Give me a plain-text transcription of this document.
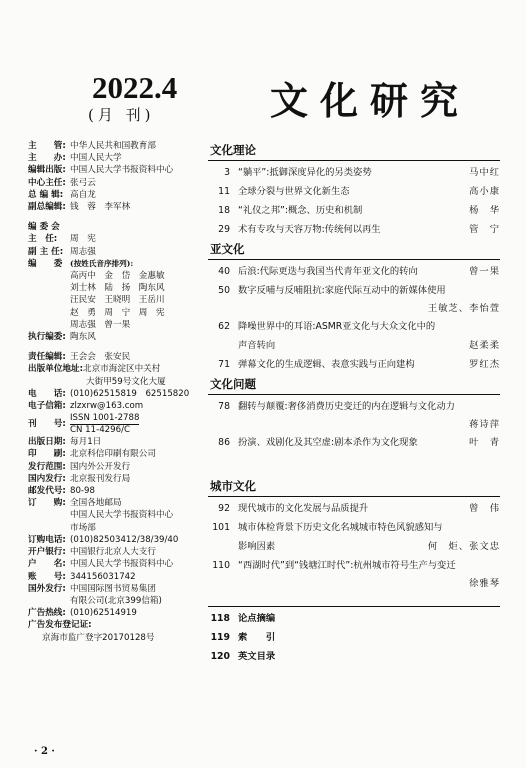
2022.4
(月 刊)	文化研究
主　　管: 中华人民共和国教育部
主　　办: 中国人民大学
编辑出版: 中国人民大学书报资料中心
中心主任: 张弓云
总 编 辑: 高自龙
副总编辑: 钱　蓉　李军林
编 委 会
主　任:	周　宪
副 主 任: 周志强
编　　委	(按姓氏音序排列):
高丙中　金　岱　金惠敏
刘士林　陆　扬　陶东风
汪民安　王晓明　王岳川
赵　勇　周　宁　周　宪
周志强　曾一果
执行编委: 陶东风
责任编辑: 王会会　张安民
出版单位地址: 北京市海淀区中关村
大街甲59号文化大厦
电　　话: (010)62515819　62515820
电子信箱: zlzxrw@163.com
刊　　号:
ISSN 1001-2788
CN 11-4296/C
出版日期: 每月1日
印　　刷: 北京科信印刷有限公司
发行范围: 国内外公开发行
国内发行: 北京报刊发行局
邮发代号: 80-98
订　　购: 全国各地邮局
中国人民大学书报资料中心
市场部
订购电话: (010)82503412/38/39/40
开户银行: 中国银行北京人大支行
户　　名: 中国人民大学书报资料中心
账　　号: 344156031742
国外发行: 中国国际图书贸易集团
有限公司(北京399信箱)
广告热线: (010)62514919
广告发布登记证:
京海市监广登字20170128号
· 2 ·
文化理论
3 “躺平”:抵御深度异化的另类姿势	马中红
11 全球分裂与世界文化新生态	高小康
18 “礼仪之邦”:概念、历史和机制	杨　华
29 术有专攻与天容万物:传统何以再生	管　宁
亚文化
40 后浪:代际更迭与我国当代青年亚文化的转向	曾一果
50 数字反哺与反哺阻抗:家庭代际互动中的新媒体使用
王敏芝、李怡萱
62 降噪世界中的耳语:ASMR亚文化与大众文化中的
声音转向	赵柔柔
71 弹幕文化的生成逻辑、表意实践与正向建构	罗红杰
文化问题
78 翻转与颠覆:奢侈消费历史变迁的内在逻辑与文化动力
蒋诗萍
86 扮演、戏剧化及其空虚:剧本杀作为文化现象	叶　青
城市文化
92 现代城市的文化发展与品质提升	曾　伟
101 城市体检背景下历史文化名城城市特色风貌感知与
影响因素	何　炬、张文忠
110 “西湖时代”到“钱塘江时代”:杭州城市符号生产与变迁
徐雅琴
118 论点摘编
119 索　　引
120 英文目录
